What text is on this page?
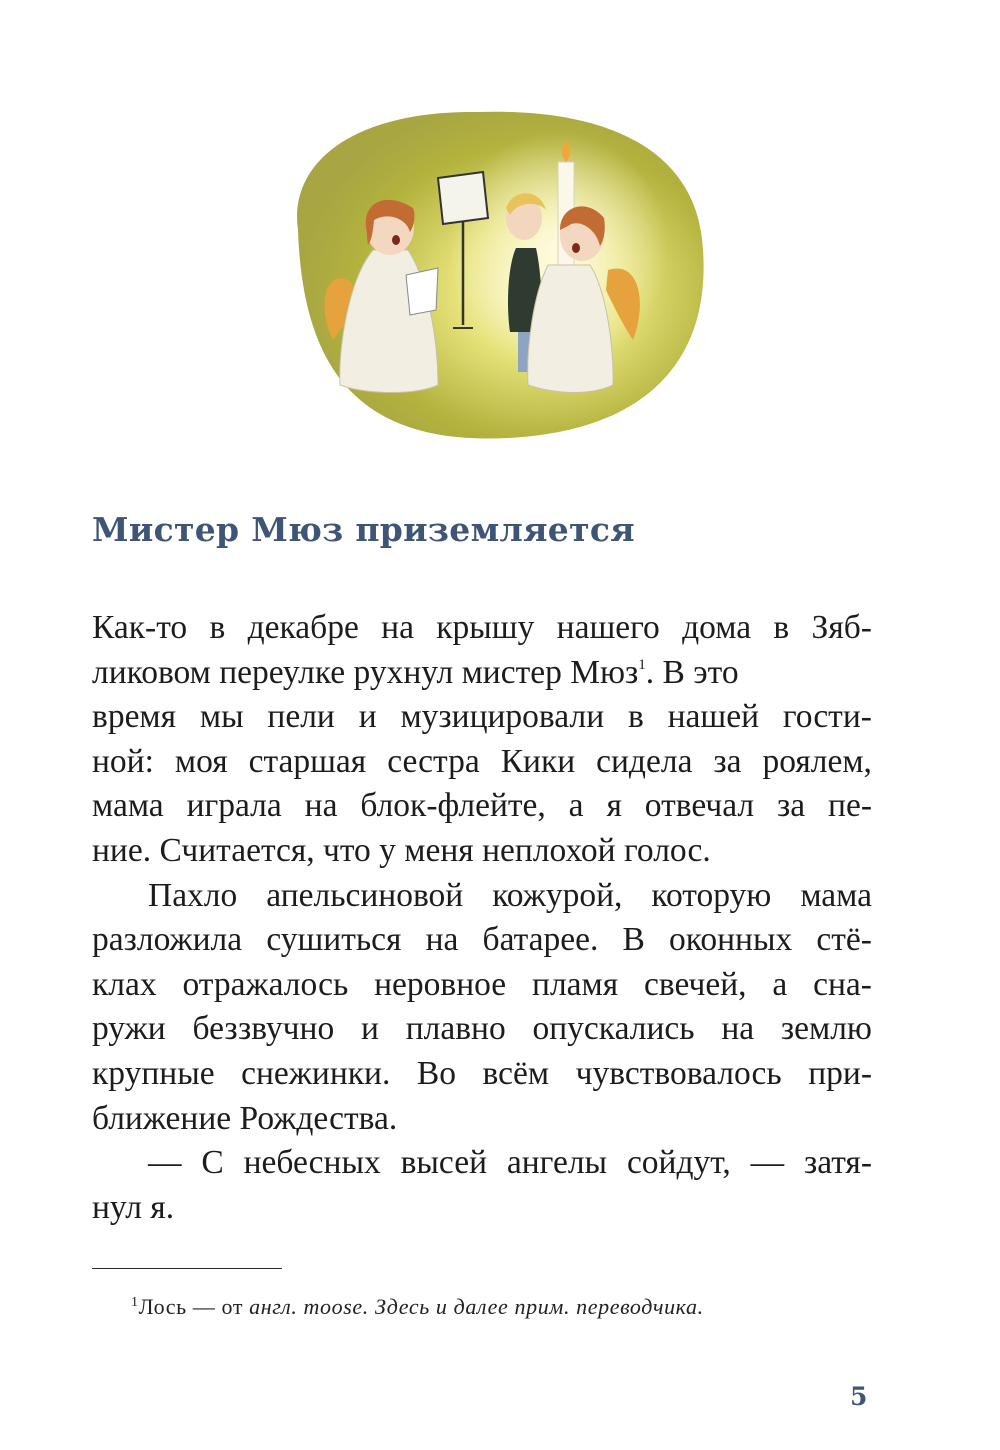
Мистер Мюз приземляется
Как-то в декабре на крышу нашего дома в Зяб-
ликовом переулке рухнул мистер Мюз$^1$. В это
время мы пели и музицировали в нашей гости-
ной: моя старшая сестра Кики сидела за роялем,
мама играла на блок-флейте, а я отвечал за пе-
ние. Считается, что у меня неплохой голос.
Пахло апельсиновой кожурой, которую мама
разложила сушиться на батарее. В оконных стё-
клах отражалось неровное пламя свечей, а сна-
ружи беззвучно и плавно опускались на землю
крупные снежинки. Во всём чувствовалось при-
ближение Рождества.
— С небесных высей ангелы сойдут, — затя-
нул я.
$^1$Лось — от англ. moose. Здесь и далее прим. переводчика.
5
